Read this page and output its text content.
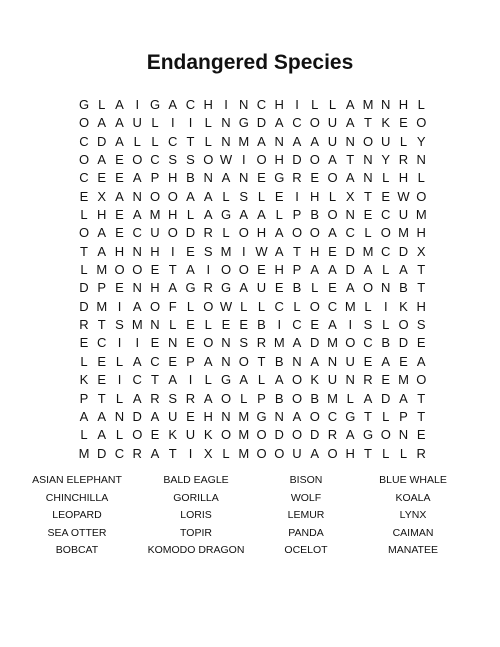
Endangered Species
G L A I G A C H I N C H I L L A M N H L
O A A U L I	I L N G D A C O U A T K E O
C D A L L C T L N M A N A A U N O U L Y
O A E O C S S O W I O H D O A T N Y R N
C E E A P H B N A N E G R E O A N L H L
E X A N O O A A L S L E I H L X T E W O
L H E A M H L A G A A L P B O N E C U M
O A E C U O D R L O H A O O A C L O M H
T A H N H I E S M I W A T H E D M C D X
L M O O E T A I O O E H P A A D A L A T
D P E N H A G R G A U E B L E A O N B T
D M I A O F L O W L L C L O C M L I K H
R T S M N L E L E E B I C E A I S L O S
E C I	I E N E O N S R M A D M O C B D E
L E L A C E P A N O T B N A N U E A E A
K E I C T A I L G A L A O K U N R E M O
P T L A R S R A O L P B O B M L A D A T
A A N D A U E H N M G N A O C G T L P T
L A L O E K U K O M O D O D R A G O N E
M D C R A T I X L M O O U A O H T L L R
ASIAN ELEPHANT	BALD EAGLE	BISON	BLUE WHALE
CHINCHILLA	GORILLA	WOLF	KOALA
LEOPARD	LORIS	LEMUR	LYNX
SEA OTTER	TOPIR	PANDA	CAIMAN
BOBCAT	KOMODO DRAGON	OCELOT	MANATEE
